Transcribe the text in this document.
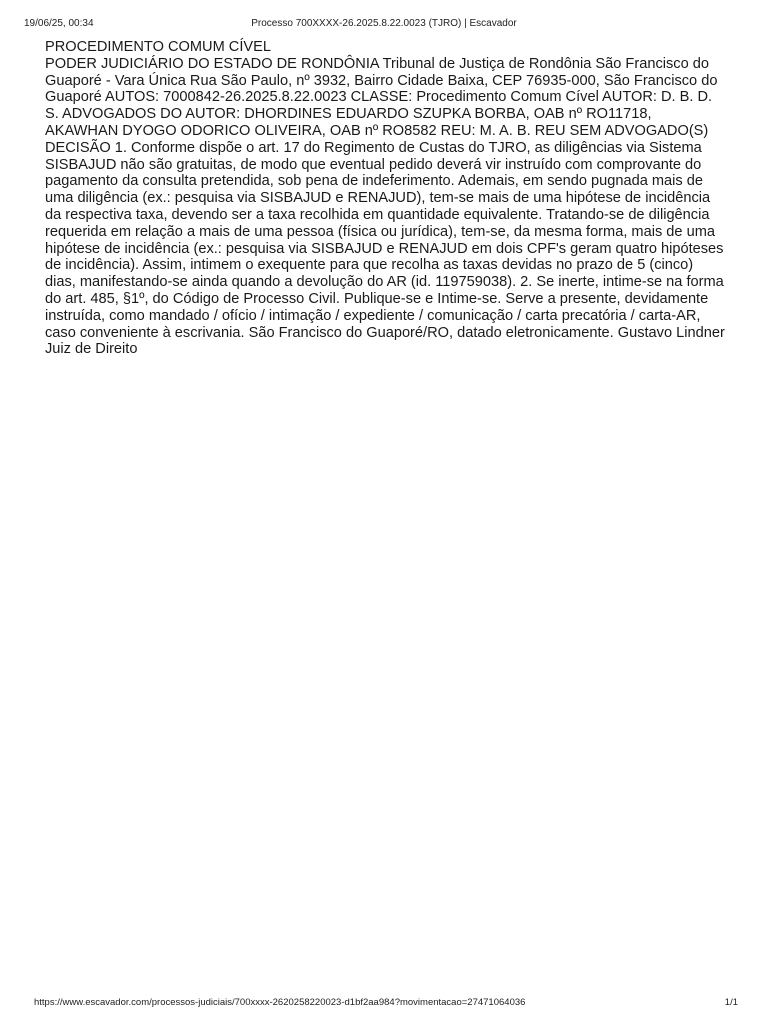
19/06/25, 00:34	Processo 700XXXX-26.2025.8.22.0023 (TJRO) | Escavador
PROCEDIMENTO COMUM CÍVEL
PODER JUDICIÁRIO DO ESTADO DE RONDÔNIA Tribunal de Justiça de Rondônia São Francisco do Guaporé - Vara Única Rua São Paulo, nº 3932, Bairro Cidade Baixa, CEP 76935-000, São Francisco do Guaporé AUTOS: 7000842-26.2025.8.22.0023 CLASSE: Procedimento Comum Cível AUTOR: D. B. D. S. ADVOGADOS DO AUTOR: DHORDINES EDUARDO SZUPKA BORBA, OAB nº RO11718, AKAWHAN DYOGO ODORICO OLIVEIRA, OAB nº RO8582 REU: M. A. B. REU SEM ADVOGADO(S) DECISÃO 1. Conforme dispõe o art. 17 do Regimento de Custas do TJRO, as diligências via Sistema SISBAJUD não são gratuitas, de modo que eventual pedido deverá vir instruído com comprovante do pagamento da consulta pretendida, sob pena de indeferimento. Ademais, em sendo pugnada mais de uma diligência (ex.: pesquisa via SISBAJUD e RENAJUD), tem-se mais de uma hipótese de incidência da respectiva taxa, devendo ser a taxa recolhida em quantidade equivalente. Tratando-se de diligência requerida em relação a mais de uma pessoa (física ou jurídica), tem-se, da mesma forma, mais de uma hipótese de incidência (ex.: pesquisa via SISBAJUD e RENAJUD em dois CPF's geram quatro hipóteses de incidência). Assim, intimem o exequente para que recolha as taxas devidas no prazo de 5 (cinco) dias, manifestando-se ainda quando a devolução do AR (id. 119759038). 2. Se inerte, intime-se na forma do art. 485, §1º, do Código de Processo Civil. Publique-se e Intime-se. Serve a presente, devidamente instruída, como mandado / ofício / intimação / expediente / comunicação / carta precatória / carta-AR, caso conveniente à escrivania. São Francisco do Guaporé/RO, datado eletronicamente. Gustavo Lindner Juiz de Direito
https://www.escavador.com/processos-judiciais/700xxxx-2620258220023-d1bf2aa984?movimentacao=27471064036	1/1
